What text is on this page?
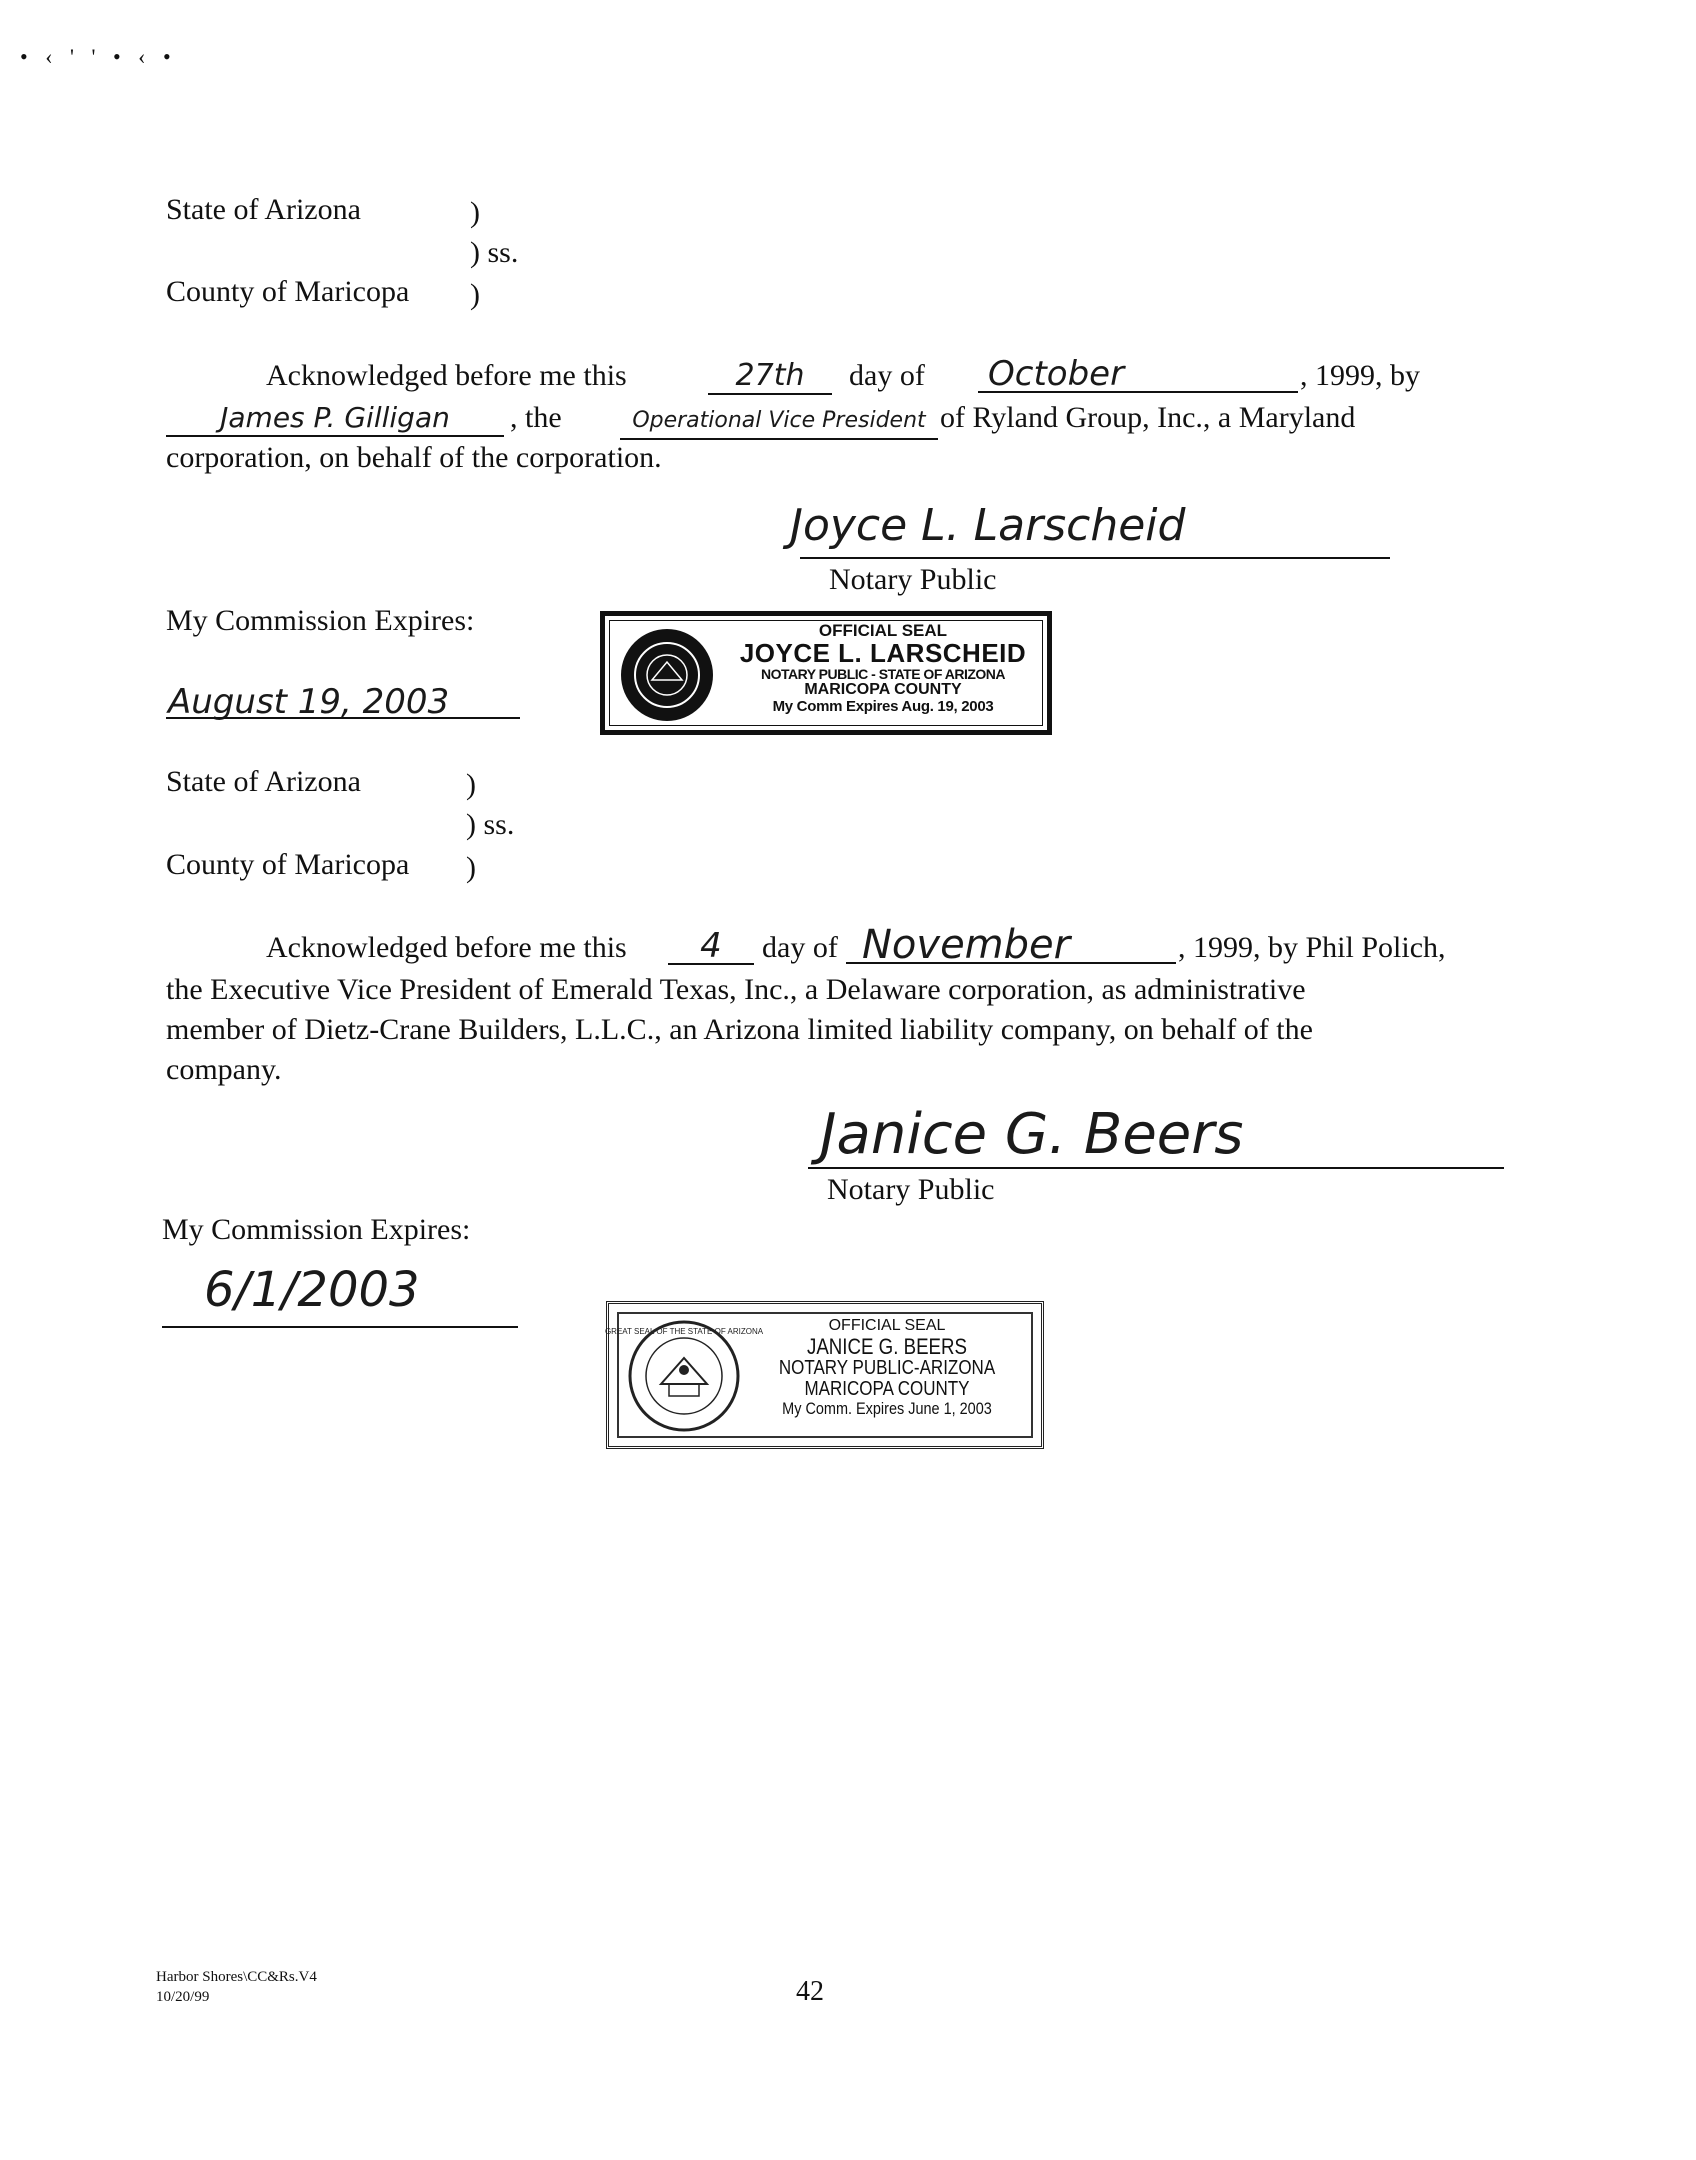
• ‹ ' ' • ‹ •
State of Arizona	)
) ss.
County of Maricopa )
Acknowledged before me this	27th	day of October	, 1999, by
James P. Gilligan	, the	Operational Vice President of Ryland Group, Inc., a Maryland
corporation, on behalf of the corporation.
Joyce L. Larscheid
Notary Public
My Commission Expires:
August 19, 2003
OFFICIAL SEAL
JOYCE L. LARSCHEID
NOTARY PUBLIC - STATE OF ARIZONA
MARICOPA COUNTY
My Comm Expires Aug. 19, 2003
State of Arizona	)
) ss.
County of Maricopa )
Acknowledged before me this	4	day of November	, 1999, by Phil Polich,
the Executive Vice President of Emerald Texas, Inc., a Delaware corporation, as administrative
member of Dietz-Crane Builders, L.L.C., an Arizona limited liability company, on behalf of the
company.
Janice G. Beers
Notary Public
My Commission Expires:
6/1/2003
GREAT SEAL OF THE STATE OF ARIZONA	OFFICIAL SEAL
JANICE G. BEERS
NOTARY PUBLIC-ARIZONA
MARICOPA COUNTY
My Comm. Expires June 1, 2003
Harbor Shores\CC&Rs.V4
10/20/99	42
